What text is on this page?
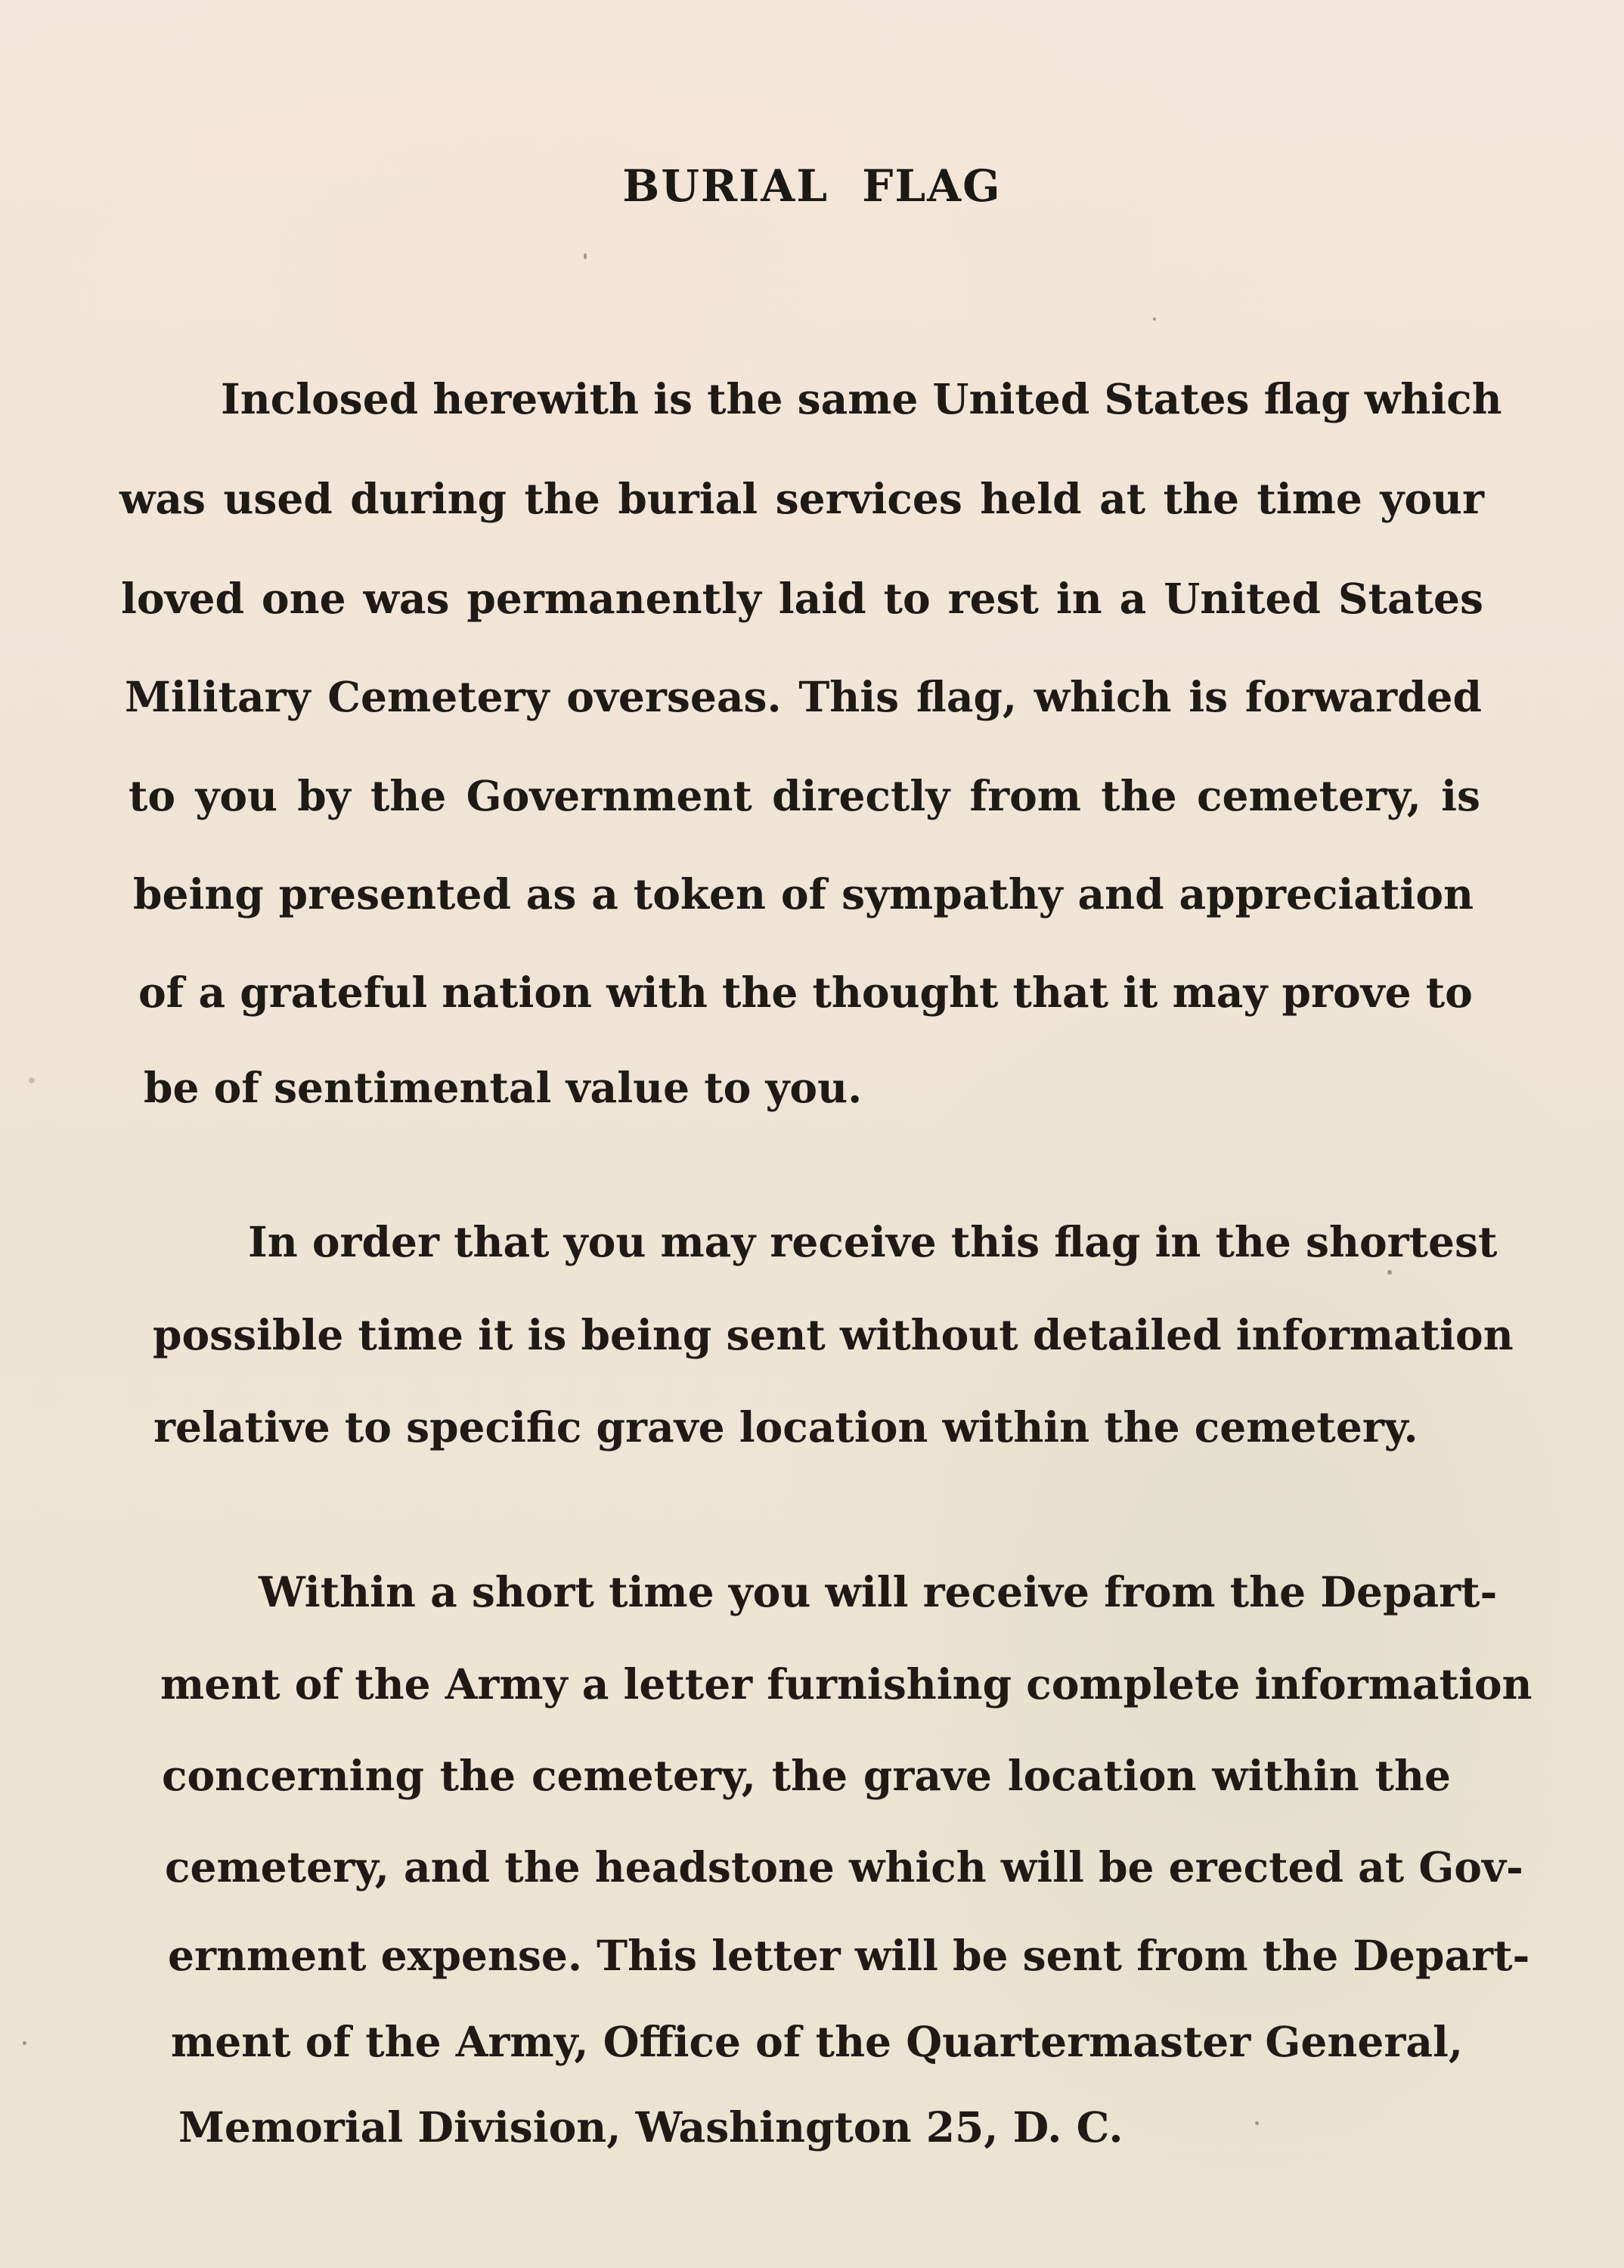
BURIAL FLAG

Inclosed herewith is the same United States flag which

was used during the burial services held at the time your

loved one was permanently laid to rest in a United States

Military Cemetery overseas. This flag, which is forwarded

to you by the Government directly from the cemetery, is

being presented as a token of sympathy and appreciation

of a grateful nation with the thought that it may prove to

be of sentimental value to you.

In order that you may receive this flag in the shortest

possible time it is being sent without detailed information

relative to specific grave location within the cemetery.

Within a short time you will receive from the Depart-

ment of the Army a letter furnishing complete information

concerning the cemetery, the grave location within the

cemetery, and the headstone which will be erected at Gov-

ernment expense. This letter will be sent from the Depart-

ment of the Army, Office of the Quartermaster General,

Memorial Division, Washington 25, D. C.
